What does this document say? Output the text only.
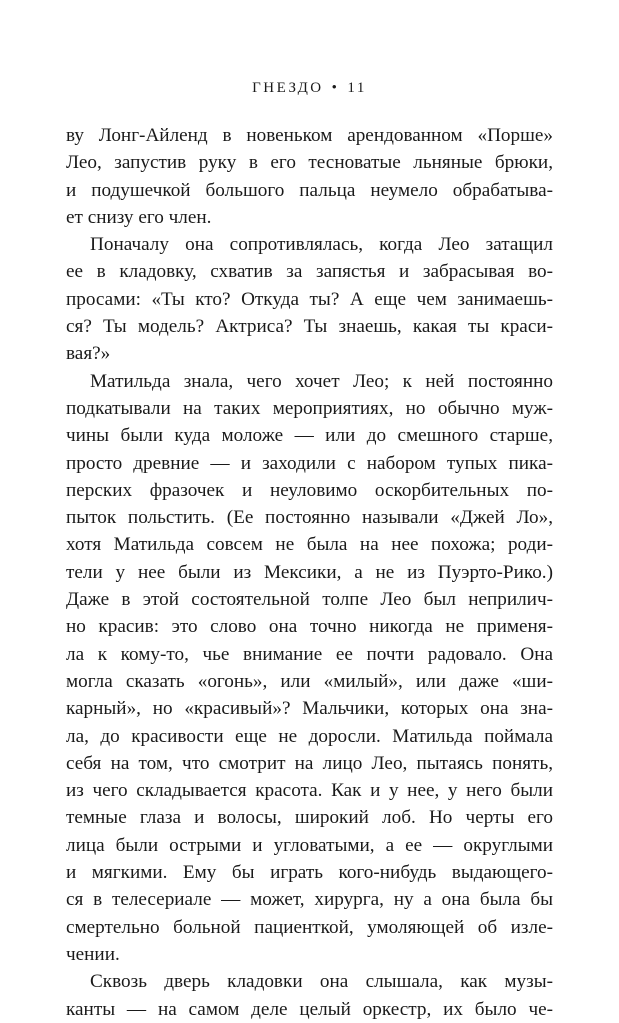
ГНЕЗДО • 11
ву Лонг-Айленд в новеньком арендованном «Порше»
Лео, запустив руку в его тесноватые льняные брюки,
и подушечкой большого пальца неумело обрабатыва-
ет снизу его член.
Поначалу она сопротивлялась, когда Лео затащил
ее в кладовку, схватив за запястья и забрасывая во-
просами: «Ты кто? Откуда ты? А еще чем занимаешь-
ся? Ты модель? Актриса? Ты знаешь, какая ты краси-
вая?»
Матильда знала, чего хочет Лео; к ней постоянно
подкатывали на таких мероприятиях, но обычно муж-
чины были куда моложе — или до смешного старше,
просто древние — и заходили с набором тупых пика-
перских фразочек и неуловимо оскорбительных по-
пыток польстить. (Ее постоянно называли «Джей Ло»,
хотя Матильда совсем не была на нее похожа; роди-
тели у нее были из Мексики, а не из Пуэрто-Рико.)
Даже в этой состоятельной толпе Лео был неприлич-
но красив: это слово она точно никогда не применя-
ла к кому-то, чье внимание ее почти радовало. Она
могла сказать «огонь», или «милый», или даже «ши-
карный», но «красивый»? Мальчики, которых она зна-
ла, до красивости еще не доросли. Матильда поймала
себя на том, что смотрит на лицо Лео, пытаясь понять,
из чего складывается красота. Как и у нее, у него были
темные глаза и волосы, широкий лоб. Но черты его
лица были острыми и угловатыми, а ее — округлыми
и мягкими. Ему бы играть кого-нибудь выдающего-
ся в телесериале — может, хирурга, ну а она была бы
смертельно больной пациенткой, умоляющей об изле-
чении.
Сквозь дверь кладовки она слышала, как музы-
канты — на самом деле целый оркестр, их было че-
